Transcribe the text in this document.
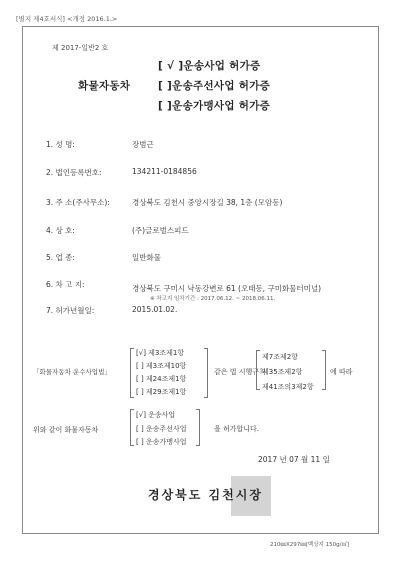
[별지 제4호서식] <개정 2016.1.>
제 2017-일반2 호
화물자동차
[ √ ]운송사업 허가증
[ ]운송주선사업 허가증
[ ]운송가맹사업 허가증
1. 성 명:	장범근
2. 법인등록번호:	134211-0184856
3. 주 소(주사무소):	경상북도 김천시 중앙시장길 38, 1층 (모암동)
4. 상 호:	(주)글로벌스피드
5. 업 종:	일반화물
6. 차 고 지:	경상북도 구미시 낙동강변로 61 (오태동, 구미화물터미널)
※ 차고지 임차기간 : 2017.06.12. ~ 2018.06.11.
7. 허가년월일:	2015.01.02.
「화물자동차 운수사업법」
[√] 제3조제1항
[ ] 제3조제10항
[ ] 제24조제1항
[ ] 제29조제1항
같은 법 시행규칙
제7조제2항
제35조제2항
제41조의3제2항
에 따라
위와 같이 화물자동차
[√] 운송사업
[ ] 운송주선사업
[ ] 운송가맹사업
을 허가합니다.
2017 년 07 월 11 일
경상북도 김천시장
210㎜X297㎜[백상지 150g/㎡]
